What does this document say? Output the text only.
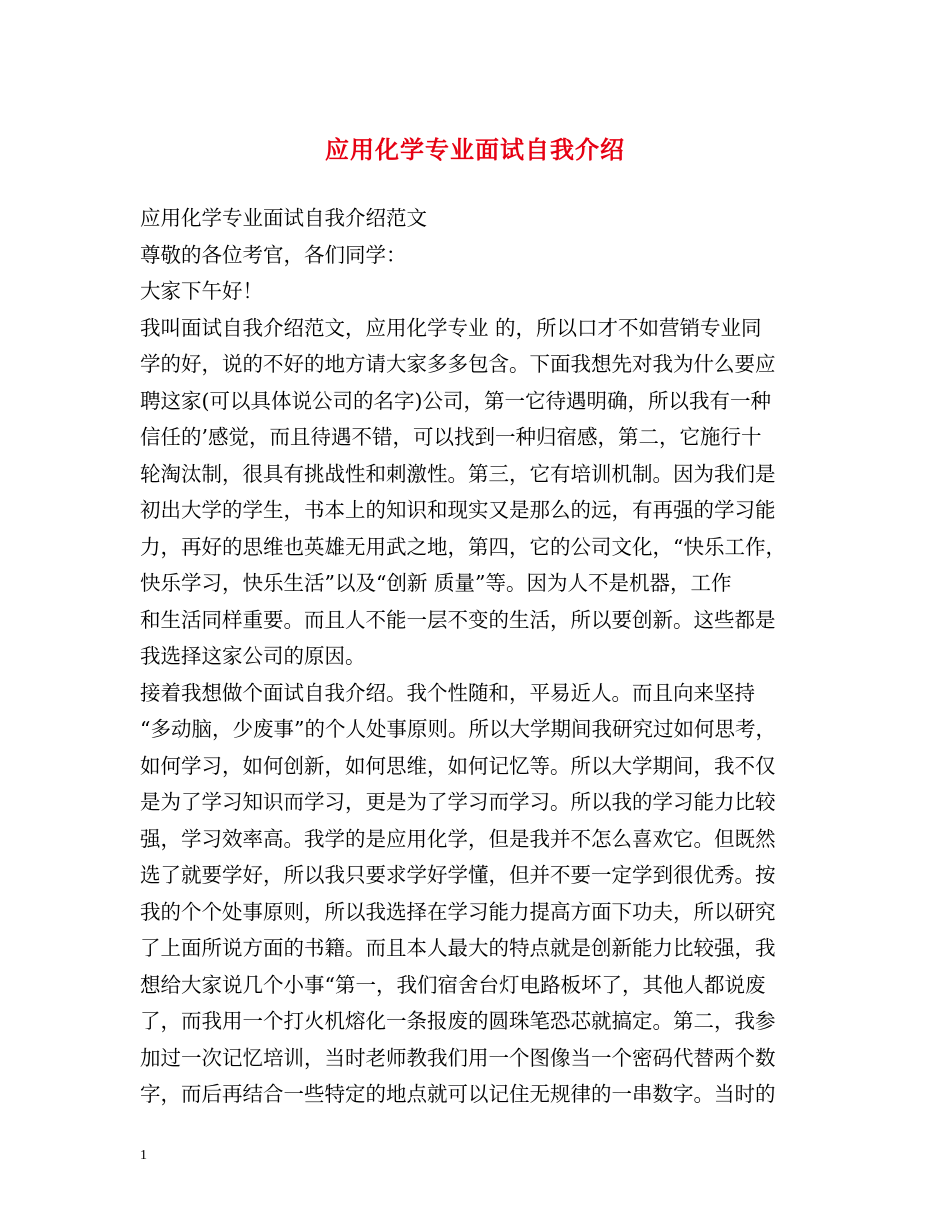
应用化学专业面试自我介绍
应用化学专业面试自我介绍范文
尊敬的各位考官，各们同学：
大家下午好！
我叫面试自我介绍范文，应用化学专业 的，所以口才不如营销专业同
学的好，说的不好的地方请大家多多包含。下面我想先对我为什么要应
聘这家(可以具体说公司的名字)公司，第一它待遇明确，所以我有一种
信任的’感觉，而且待遇不错，可以找到一种归宿感，第二，它施行十
轮淘汰制，很具有挑战性和刺激性。第三，它有培训机制。因为我们是
初出大学的学生，书本上的知识和现实又是那么的远，有再强的学习能
力，再好的思维也英雄无用武之地，第四，它的公司文化，“快乐工作，
快乐学习，快乐生活”以及“创新 质量”等。因为人不是机器，工作
和生活同样重要。而且人不能一层不变的生活，所以要创新。这些都是
我选择这家公司的原因。
接着我想做个面试自我介绍。我个性随和，平易近人。而且向来坚持
“多动脑，少废事”的个人处事原则。所以大学期间我研究过如何思考，
如何学习，如何创新，如何思维，如何记忆等。所以大学期间，我不仅
是为了学习知识而学习，更是为了学习而学习。所以我的学习能力比较
强，学习效率高。我学的是应用化学，但是我并不怎么喜欢它。但既然
选了就要学好，所以我只要求学好学懂，但并不要一定学到很优秀。按
我的个个处事原则，所以我选择在学习能力提高方面下功夫，所以研究
了上面所说方面的书籍。而且本人最大的特点就是创新能力比较强，我
想给大家说几个小事“第一，我们宿舍台灯电路板坏了，其他人都说废
了，而我用一个打火机熔化一条报废的圆珠笔恐芯就搞定。第二，我参
加过一次记忆培训，当时老师教我们用一个图像当一个密码代替两个数
字，而后再结合一些特定的地点就可以记住无规律的一串数字。当时的
1
